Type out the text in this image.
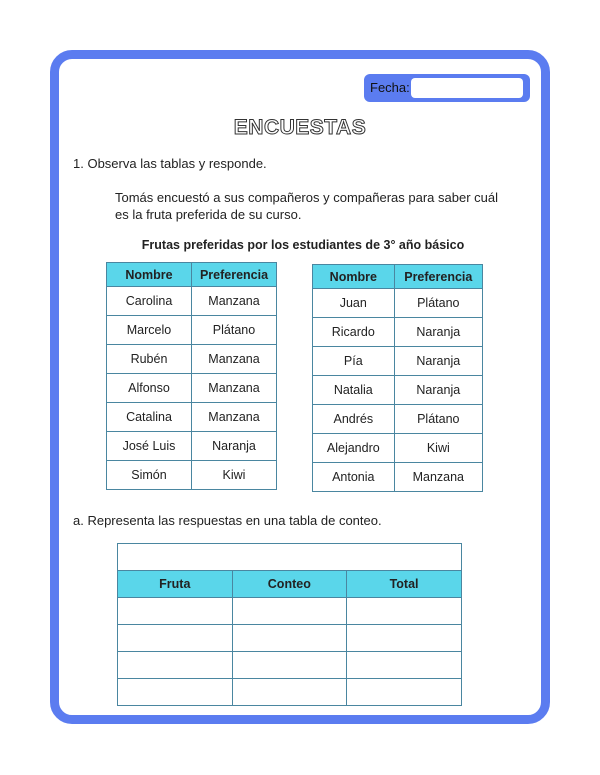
Fecha:
ENCUESTAS
1. Observa las tablas y responde.
Tomás encuestó a sus compañeros y compañeras para saber cuál es la fruta preferida de su curso.
Frutas preferidas por los estudiantes de 3° año básico
Nombre	Preferencia
Carolina	Manzana
Marcelo	Plátano
Rubén	Manzana
Alfonso	Manzana
Catalina	Manzana
José Luis	Naranja
Simón	Kiwi
Nombre	Preferencia
Juan	Plátano
Ricardo	Naranja
Pía	Naranja
Natalia	Naranja
Andrés	Plátano
Alejandro	Kiwi
Antonia	Manzana
a. Representa las respuestas en una tabla de conteo.

Fruta	Conteo	Total
